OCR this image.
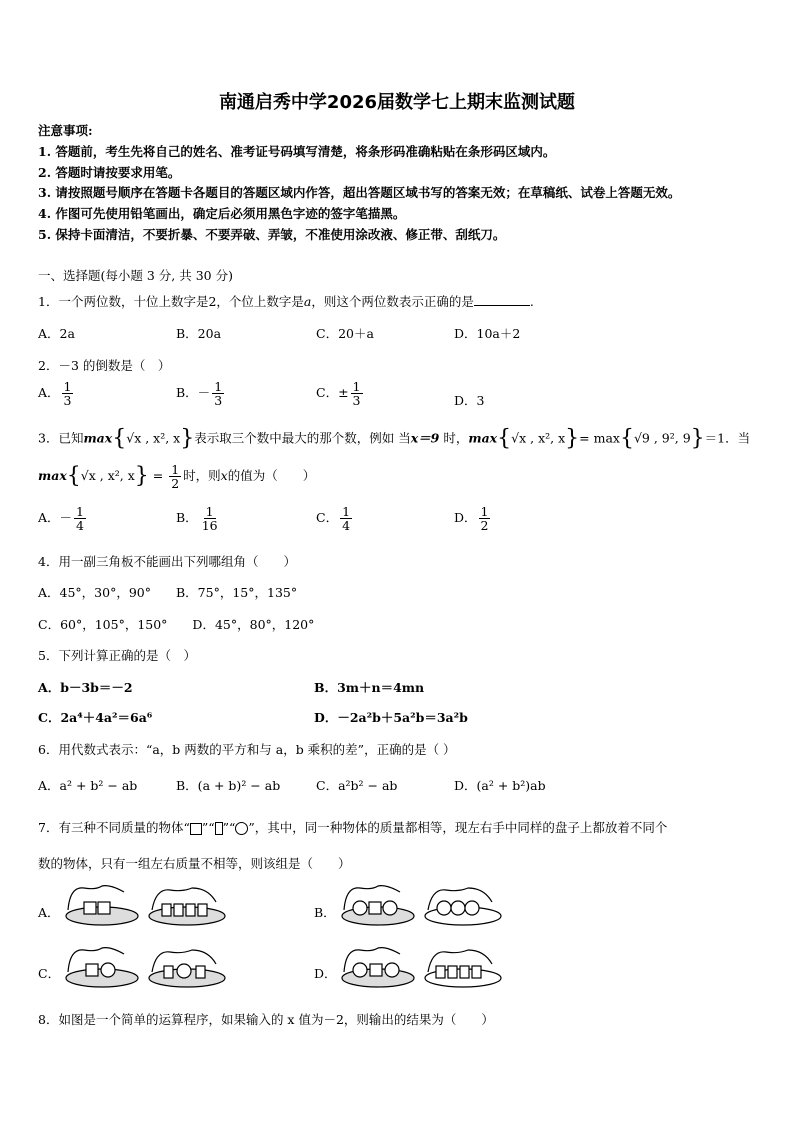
南通启秀中学2026届数学七上期末监测试题
注意事项:
1. 答题前，考生先将自己的姓名、准考证号码填写清楚，将条形码准确粘贴在条形码区域内。
2. 答题时请按要求用笔。
3. 请按照题号顺序在答题卡各题目的答题区域内作答，超出答题区域书写的答案无效；在草稿纸、试卷上答题无效。
4. 作图可先使用铅笔画出，确定后必须用黑色字迹的签字笔描黑。
5. 保持卡面清洁，不要折暴、不要弄破、弄皱，不准使用涂改液、修正带、刮纸刀。
一、选择题(每小题 3 分, 共 30 分)
1．一个两位数，十位上数字是2，个位上数字是a，则这个两位数表示正确的是	.
A．2a	B．20a	C．20＋a	D．10a＋2
2．－3 的倒数是（　）
A． $\frac{1}{3}$	B．－ $\frac{1}{3}$	C．± $\frac{1}{3}$	D．3
3．已知max{√x , x², x}表示取三个数中最大的那个数，例如 当x＝9 时，max{√x , x², x}= max{√9 , 9², 9}＝1．当
max{√x , x², $x\} = \frac{1}{2}$ 时，则x的值为（　　）
A．－ $\frac{1}{4}$	B． $\frac{1}{16}$	C． $\frac{1}{4}$	D． $\frac{1}{2}$
4．用一副三角板不能画出下列哪组角（　　）
A．45°，30°，90°　　B．75°，15°，135°
C．60°，105°，150°　　D．45°，80°，120°
5．下列计算正确的是（　）
A．b－3b＝－2	B．3m＋n＝4mn
C．2a⁴＋4a²＝6a⁶	D．－2a²b＋5a²b＝3a²b
6．用代数式表示：“a，b 两数的平方和与 a，b 乘积的差”，正确的是（ ）
A．a² + b² − ab	B．(a + b)² − ab	C．a²b² − ab	D．(a² + b²)ab
7．有三种不同质量的物体“ ”“ ”“ ”，其中，同一种物体的质量都相等，现左右手中同样的盘子上都放着不同个
数的物体，只有一组左右质量不相等，则该组是（　　）
A．	B．
C．	D．
8．如图是一个简单的运算程序，如果输入的 x 值为－2，则输出的结果为（　　）
